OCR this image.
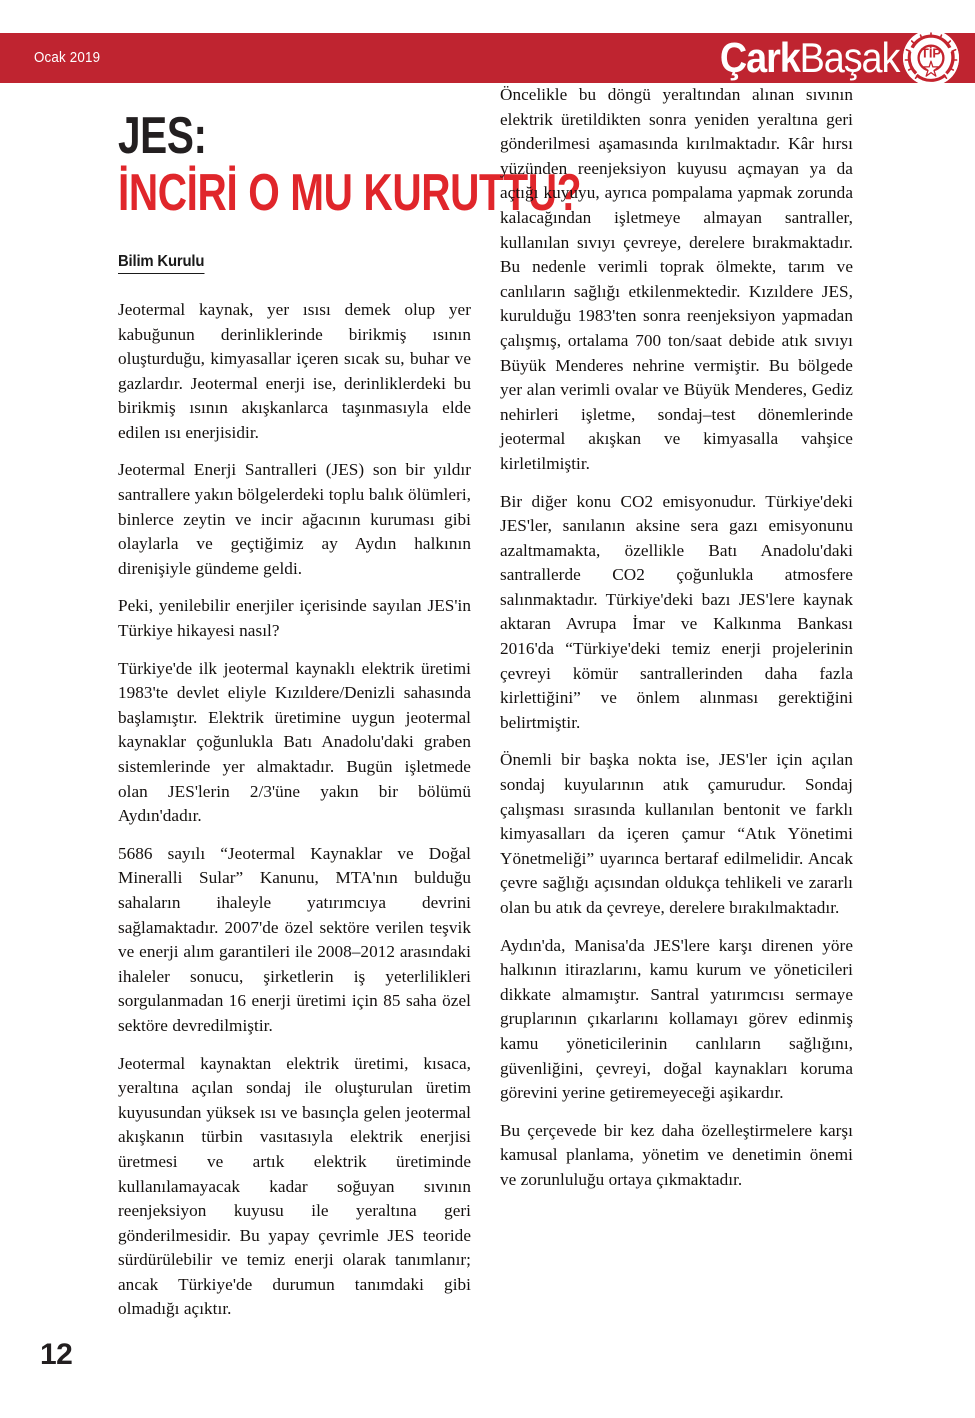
Ocak 2019	ÇarkBaşak TİP
JES:
İNCİRİ O MU KURUTTU?
Bilim Kurulu

Jeotermal kaynak, yer ısısı demek olup yer kabuğunun derinliklerinde birikmiş ısının oluşturduğu, kimyasallar içeren sıcak su, buhar ve gazlardır. Jeotermal enerji ise, derinliklerdeki bu birikmiş ısının akışkanlarca taşınmasıyla elde edilen ısı enerjisidir.

Jeotermal Enerji Santralleri (JES) son bir yıldır santrallere yakın bölgelerdeki toplu balık ölümleri, binlerce zeytin ve incir ağacının kuruması gibi olaylarla ve geçtiğimiz ay Aydın halkının direnişiyle gündeme geldi.

Peki, yenilebilir enerjiler içerisinde sayılan JES'in Türkiye hikayesi nasıl?

Türkiye'de ilk jeotermal kaynaklı elektrik üretimi 1983'te devlet eliyle Kızıldere/Denizli sahasında başlamıştır. Elektrik üretimine uygun jeotermal kaynaklar çoğunlukla Batı Anadolu'daki graben sistemlerinde yer almaktadır. Bugün işletmede olan JES'lerin 2/3'üne yakın bir bölümü Aydın'dadır.

5686 sayılı “Jeotermal Kaynaklar ve Doğal Mineralli Sular” Kanunu, MTA'nın bulduğu sahaların ihaleyle yatırımcıya devrini sağlamaktadır. 2007'de özel sektöre verilen teşvik ve enerji alım garantileri ile 2008–2012 arasındaki ihaleler sonucu, şirketlerin iş yeterlilikleri sorgulanmadan 16 enerji üretimi için 85 saha özel sektöre devredilmiştir.

Jeotermal kaynaktan elektrik üretimi, kısaca, yeraltına açılan sondaj ile oluşturulan üretim kuyusundan yüksek ısı ve basınçla gelen jeotermal akışkanın türbin vasıtasıyla elektrik enerjisi üretmesi ve artık elektrik üretiminde kullanılamayacak kadar soğuyan sıvının reenjeksiyon kuyusu ile yeraltına geri gönderilmesidir. Bu yapay çevrimle JES teoride sürdürülebilir ve temiz enerji olarak tanımlanır; ancak Türkiye'de durumun tanımdaki gibi olmadığı açıktır.

Öncelikle bu döngü yeraltından alınan sıvının elektrik üretildikten sonra yeniden yeraltına geri gönderilmesi aşamasında kırılmaktadır. Kâr hırsı yüzünden reenjeksiyon kuyusu açmayan ya da açtığı kuyuyu, ayrıca pompalama yapmak zorunda kalacağından işletmeye almayan santraller, kullanılan sıvıyı çevreye, derelere bırakmaktadır. Bu nedenle verimli toprak ölmekte, tarım ve canlıların sağlığı etkilenmektedir. Kızıldere JES, kurulduğu 1983'ten sonra reenjeksiyon yapmadan çalışmış, ortalama 700 ton/saat debide atık sıvıyı Büyük Menderes nehrine vermiştir. Bu bölgede yer alan verimli ovalar ve Büyük Menderes, Gediz nehirleri işletme, sondaj–test dönemlerinde jeotermal akışkan ve kimyasalla vahşice kirletilmiştir.

Bir diğer konu CO2 emisyonudur. Türkiye'deki JES'ler, sanılanın aksine sera gazı emisyonunu azaltmamakta, özellikle Batı Anadolu'daki santrallerde CO2 çoğunlukla atmosfere salınmaktadır. Türkiye'deki bazı JES'lere kaynak aktaran Avrupa İmar ve Kalkınma Bankası 2016'da “Türkiye'deki temiz enerji projelerinin çevreyi kömür santrallerinden daha fazla kirlettiğini” ve önlem alınması gerektiğini belirtmiştir.

Önemli bir başka nokta ise, JES'ler için açılan sondaj kuyularının atık çamurudur. Sondaj çalışması sırasında kullanılan bentonit ve farklı kimyasalları da içeren çamur “Atık Yönetimi Yönetmeliği” uyarınca bertaraf edilmelidir. Ancak çevre sağlığı açısından oldukça tehlikeli ve zararlı olan bu atık da çevreye, derelere bırakılmaktadır.

Aydın'da, Manisa'da JES'lere karşı direnen yöre halkının itirazlarını, kamu kurum ve yöneticileri dikkate almamıştır. Santral yatırımcısı sermaye gruplarının çıkarlarını kollamayı görev edinmiş kamu yöneticilerinin canlıların sağlığını, güvenliğini, çevreyi, doğal kaynakları koruma görevini yerine getiremeyeceği aşikardır.

Bu çerçevede bir kez daha özelleştirmelere karşı kamusal planlama, yönetim ve denetimin önemi ve zorunluluğu ortaya çıkmaktadır.

12
